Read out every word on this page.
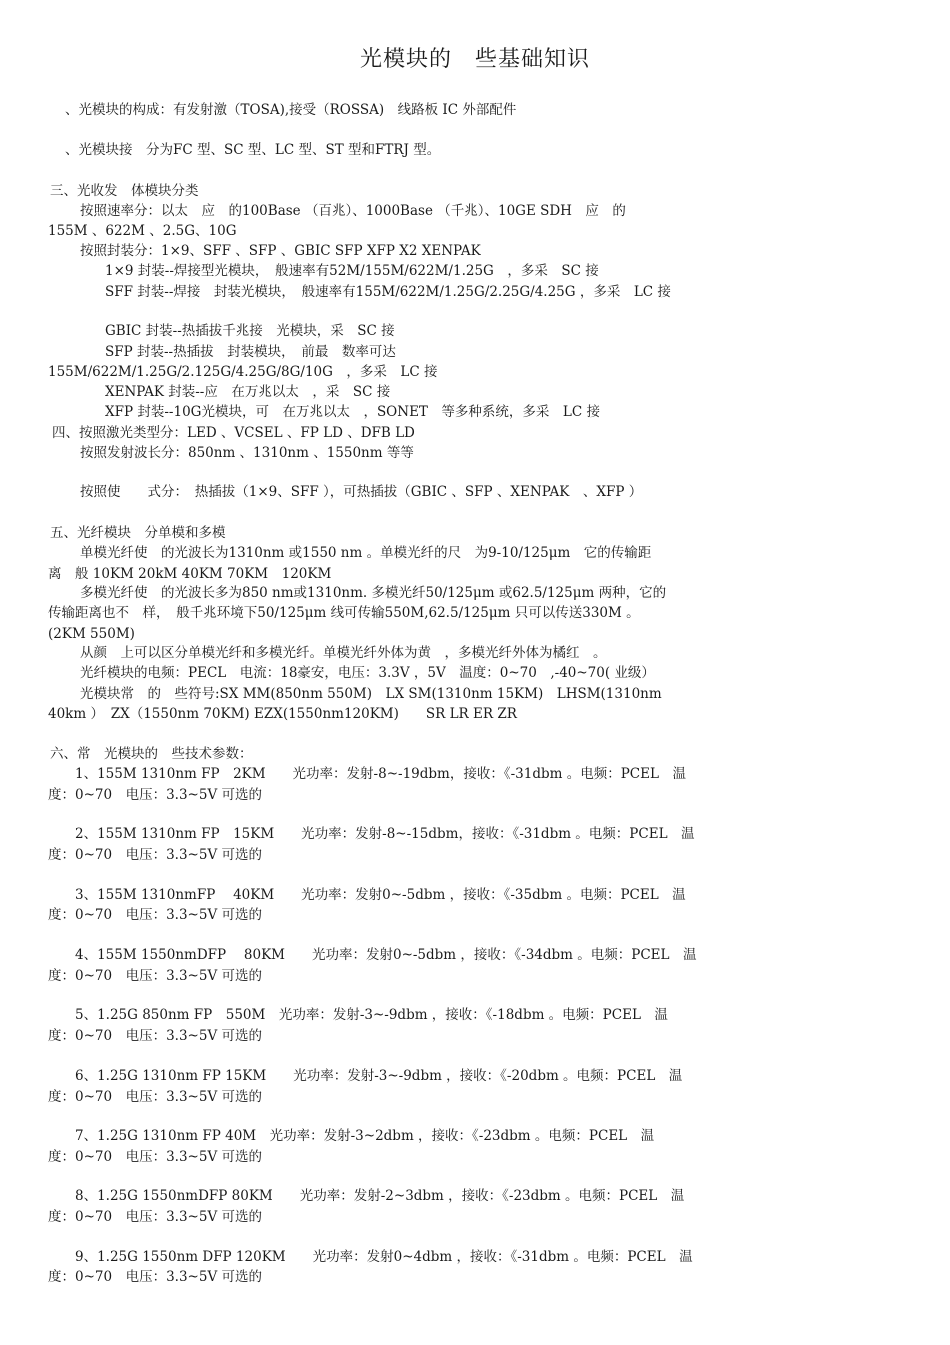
光模块的　些基础知识
、光模块的构成：有发射激（TOSA),接受（ROSSA)　线路板 IC 外部配件
、光模块接　分为FC 型、SC 型、LC 型、ST 型和FTRJ 型。
三、光收发　体模块分类
按照速率分：以太　应　的100Base （百兆）、1000Base （千兆）、10GE SDH　应　的
155M 、622M 、2.5G、10G
按照封装分：1×9、SFF 、SFP 、GBIC SFP XFP X2 XENPAK
1×9 封装--焊接型光模块，　般速率有52M/155M/622M/1.25G　，多采　SC 接
SFF 封装--焊接　封装光模块，　般速率有155M/622M/1.25G/2.25G/4.25G ，多采　LC 接
GBIC 封装--热插拔千兆接　光模块，采　SC 接
SFP 封装--热插拔　封装模块，　前最　数率可达
155M/622M/1.25G/2.125G/4.25G/8G/10G　，多采　LC 接
XENPAK 封装--应　在万兆以太　，采　SC 接
XFP 封装--10G光模块，可　在万兆以太　，SONET　等多种系统，多采　LC 接
四、按照激光类型分：LED 、VCSEL 、FP LD 、DFB LD
按照发射波长分：850nm 、1310nm 、1550nm 等等
按照使　　式分：　热插拔（1×9、SFF ），可热插拔（GBIC 、SFP 、XENPAK　、XFP ）
五、光纤模块　分单模和多模
单模光纤使　的光波长为1310nm 或1550 nm 。单模光纤的尺　为9-10/125μm　它的传输距
离　般 10KM 20kM 40KM 70KM　120KM
多模光纤使　的光波长多为850 nm或1310nm. 多模光纤50/125μm 或62.5/125μm 两种，它的
传输距离也不　样，　般千兆环境下50/125μm 线可传输550M,62.5/125μm 只可以传送330M 。
(2KM 550M)
从颜　上可以区分单模光纤和多模光纤。单模光纤外体为黄　，多模光纤外体为橘红　。
光纤模块的电频：PECL　电流：18豪安，电压：3.3V ，5V　温度：0~70　,-40~70( 业级）
光模块常　的　些符号:SX MM(850nm 550M)　LX SM(1310nm 15KM)　LHSM(1310nm
40km ）　ZX（1550nm 70KM) EZX(1550nm120KM)　　SR LR ER ZR
六、常　光模块的　些技术参数：
1、155M 1310nm FP　2KM　　光功率：发射-8~-19dbm，接收：《-31dbm 。电频：PCEL　温
度：0~70　电压：3.3~5V 可选的
2、155M 1310nm FP　15KM　　光功率：发射-8~-15dbm，接收：《-31dbm 。电频：PCEL　温
度：0~70　电压：3.3~5V 可选的
3、155M 1310nmFP　 40KM　　光功率：发射0~-5dbm ，接收：《-35dbm 。电频：PCEL　温
度：0~70　电压：3.3~5V 可选的
4、155M 1550nmDFP　 80KM　　光功率：发射0~-5dbm ，接收：《-34dbm 。电频：PCEL　温
度：0~70　电压：3.3~5V 可选的
5、1.25G 850nm FP　550M　光功率：发射-3~-9dbm ，接收：《-18dbm 。电频：PCEL　温
度：0~70　电压：3.3~5V 可选的
6、1.25G 1310nm FP 15KM　　光功率：发射-3~-9dbm ，接收：《-20dbm 。电频：PCEL　温
度：0~70　电压：3.3~5V 可选的
7、1.25G 1310nm FP 40M　光功率：发射-3~2dbm ，接收：《-23dbm 。电频：PCEL　温
度：0~70　电压：3.3~5V 可选的
8、1.25G 1550nmDFP 80KM　　光功率：发射-2~3dbm ，接收：《-23dbm 。电频：PCEL　温
度：0~70　电压：3.3~5V 可选的
9、1.25G 1550nm DFP 120KM　　光功率：发射0~4dbm ，接收：《-31dbm 。电频：PCEL　温
度：0~70　电压：3.3~5V 可选的
